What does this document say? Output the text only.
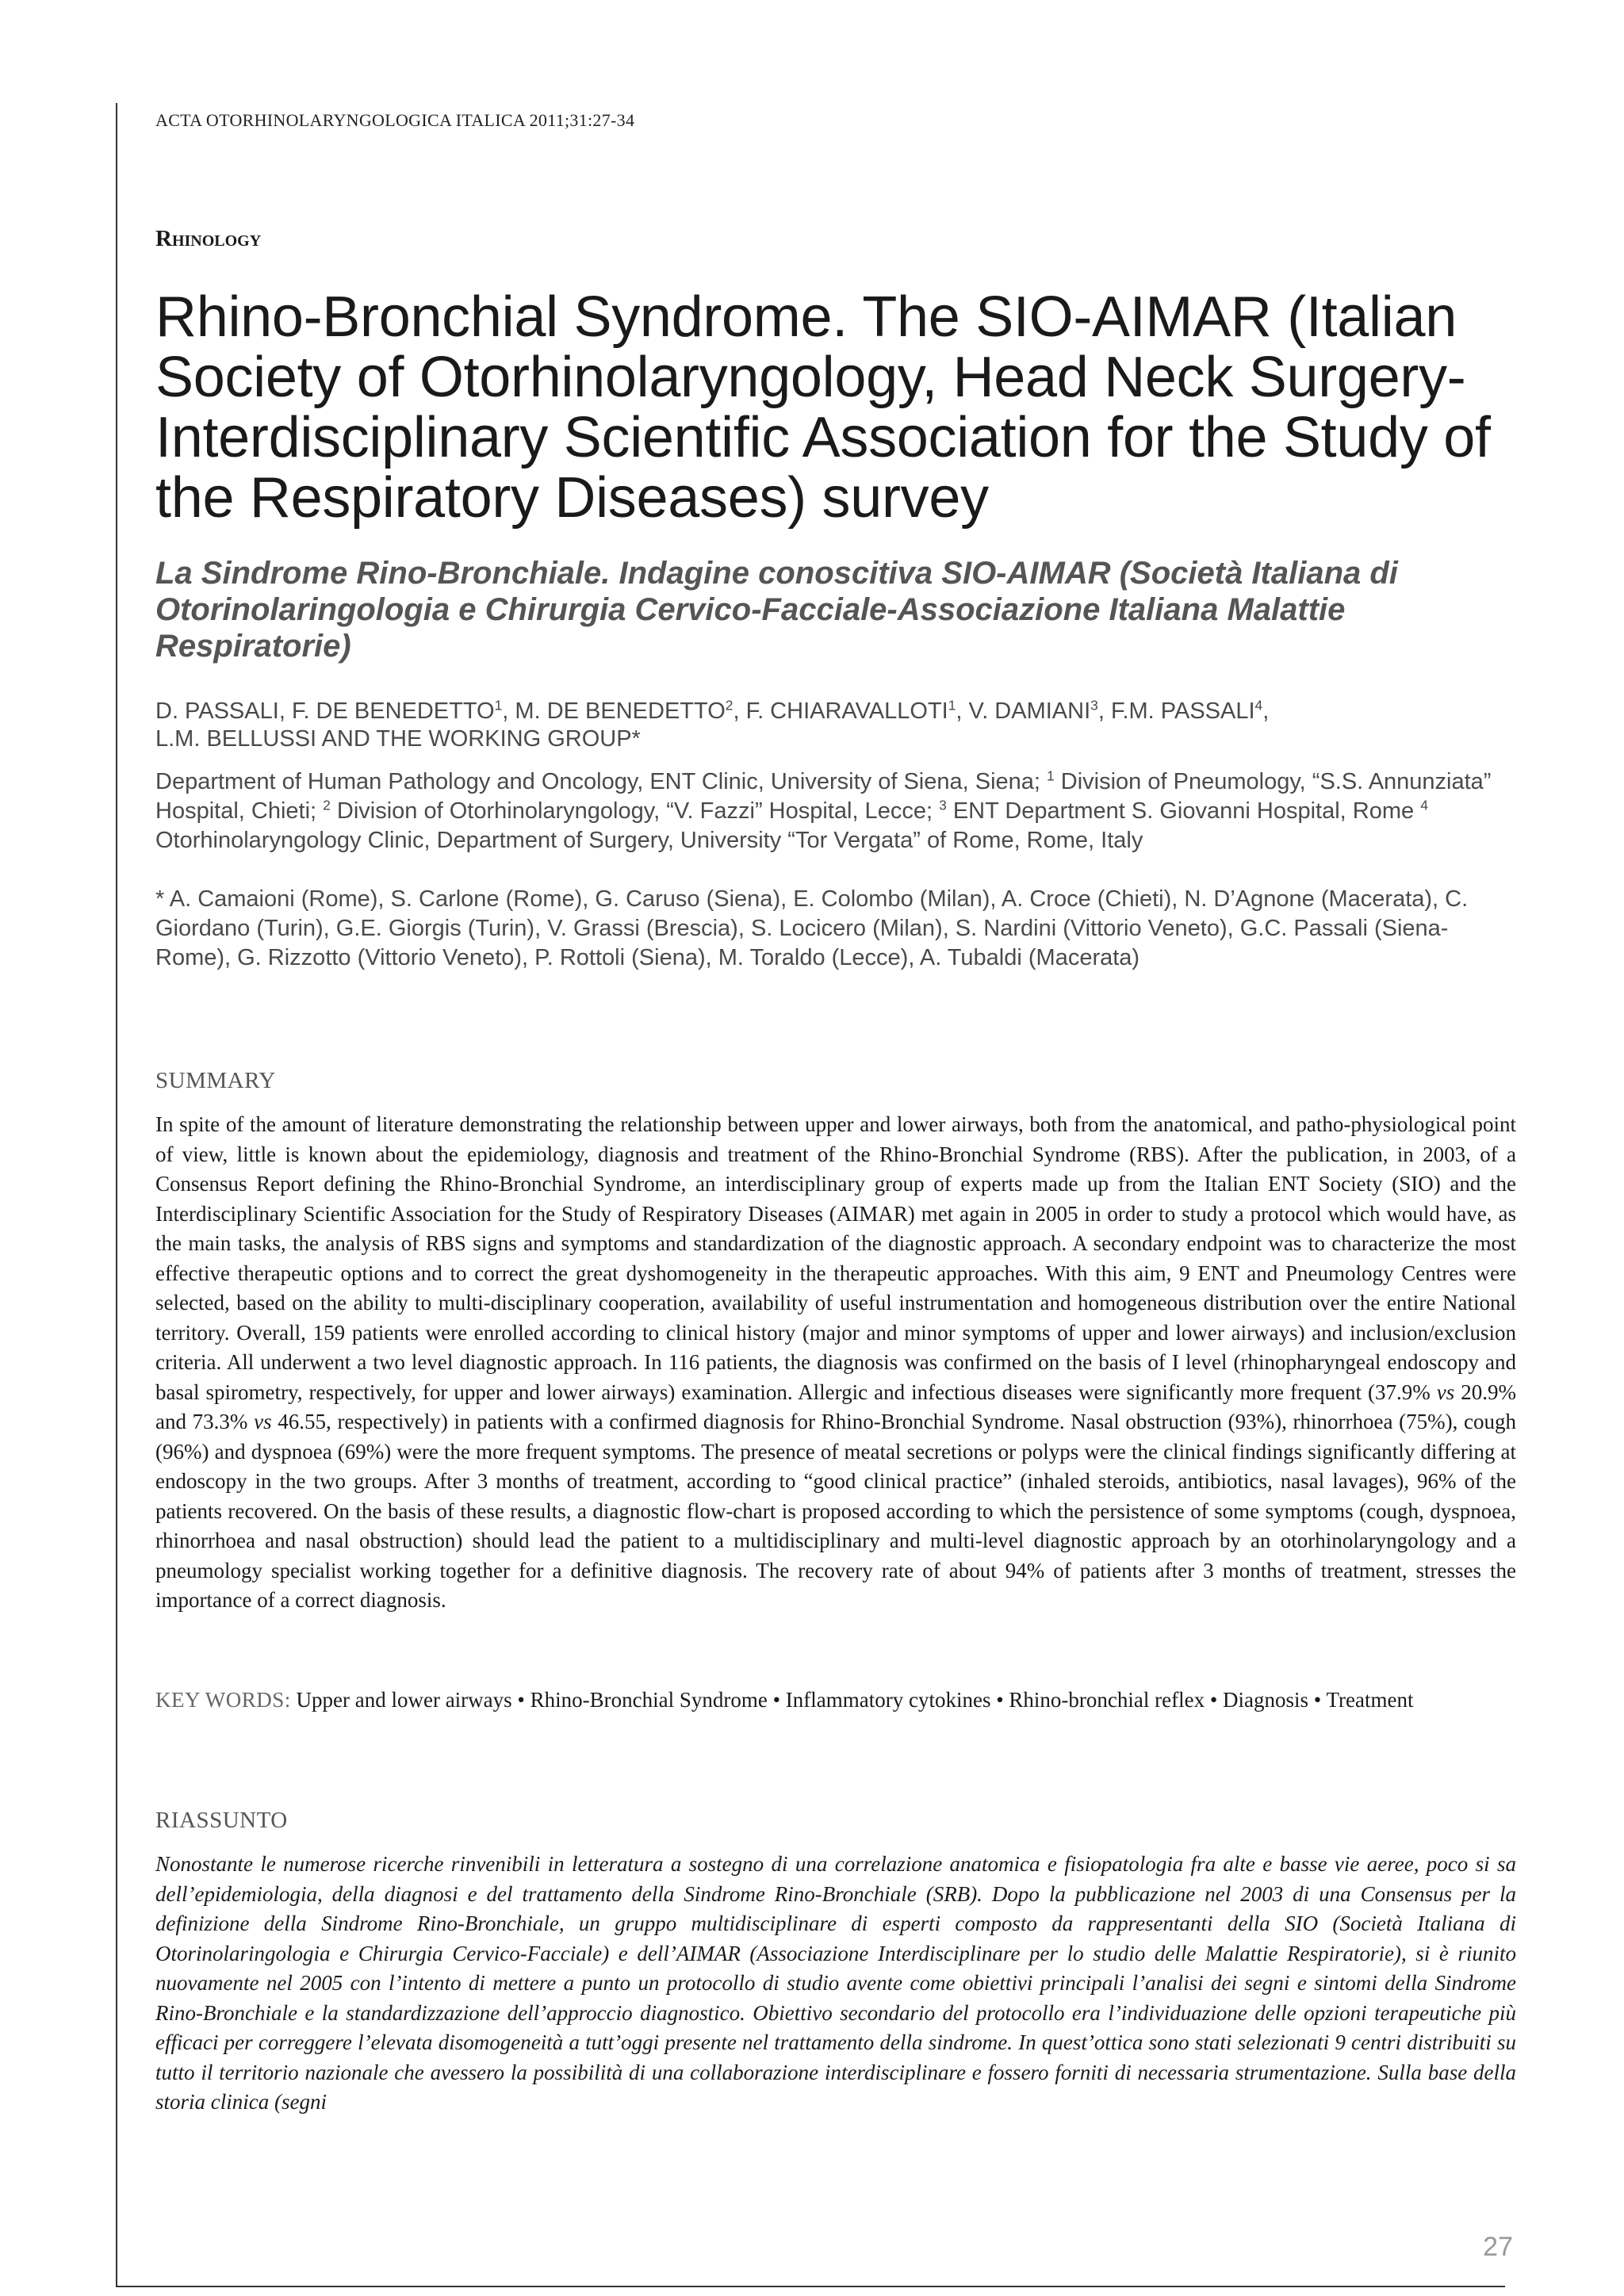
ACTA OTORHINOLARYNGOLOGICA ITALICA 2011;31:27-34
Rhinology
Rhino-Bronchial Syndrome. The SIO-AIMAR (Italian Society of Otorhinolaryngology, Head Neck Surgery-Interdisciplinary Scientific Association for the Study of the Respiratory Diseases) survey
La Sindrome Rino-Bronchiale. Indagine conoscitiva SIO-AIMAR (Società Italiana di Otorinolaringologia e Chirurgia Cervico-Facciale-Associazione Italiana Malattie Respiratorie)
D. PASSALI, F. DE BENEDETTO$^1$, M. DE BENEDETTO$^2$, F. CHIARAVALLOTI$^1$, V. DAMIANI$^3$, F.M. PASSALI$^4$,
L.M. BELLUSSI AND THE WORKING GROUP*
Department of Human Pathology and Oncology, ENT Clinic, University of Siena, Siena; $^1$ Division of Pneumology, “S.S. Annunziata” Hospital, Chieti; $^2$ Division of Otorhinolaryngology, “V. Fazzi” Hospital, Lecce; $^3$ ENT Department S. Giovanni Hospital, Rome $^4$ Otorhinolaryngology Clinic, Department of Surgery, University “Tor Vergata” of Rome, Rome, Italy
* A. Camaioni (Rome), S. Carlone (Rome), G. Caruso (Siena), E. Colombo (Milan), A. Croce (Chieti), N. D’Agnone (Macerata), C. Giordano (Turin), G.E. Giorgis (Turin), V. Grassi (Brescia), S. Locicero (Milan), S. Nardini (Vittorio Veneto), G.C. Passali (Siena-Rome), G. Rizzotto (Vittorio Veneto), P. Rottoli (Siena), M. Toraldo (Lecce), A. Tubaldi (Macerata)
SUMMARY

In spite of the amount of literature demonstrating the relationship between upper and lower airways, both from the anatomical, and patho-physiological point of view, little is known about the epidemiology, diagnosis and treatment of the Rhino-Bronchial Syndrome (RBS). After the publication, in 2003, of a Consensus Report defining the Rhino-Bronchial Syndrome, an interdisciplinary group of experts made up from the Italian ENT Society (SIO) and the Interdisciplinary Scientific Association for the Study of Respiratory Diseases (AIMAR) met again in 2005 in order to study a protocol which would have, as the main tasks, the analysis of RBS signs and symptoms and standardization of the diagnostic approach. A secondary endpoint was to characterize the most effective therapeutic options and to correct the great dyshomogeneity in the therapeutic approaches. With this aim, 9 ENT and Pneumology Centres were selected, based on the ability to multi-disciplinary cooperation, availability of useful instrumentation and homogeneous distribution over the entire National territory. Overall, 159 patients were enrolled according to clinical history (major and minor symptoms of upper and lower airways) and inclusion/exclusion criteria. All underwent a two level diagnostic approach. In 116 patients, the diagnosis was confirmed on the basis of I level (rhinopharyngeal endoscopy and basal spirometry, respectively, for upper and lower airways) examination. Allergic and infectious diseases were significantly more frequent (37.9% vs 20.9% and 73.3% vs 46.55, respectively) in patients with a confirmed diagnosis for Rhino-Bronchial Syndrome. Nasal obstruction (93%), rhinorrhoea (75%), cough (96%) and dyspnoea (69%) were the more frequent symptoms. The presence of meatal secretions or polyps were the clinical findings significantly differing at endoscopy in the two groups. After 3 months of treatment, according to “good clinical practice” (inhaled steroids, antibiotics, nasal lavages), 96% of the patients recovered. On the basis of these results, a diagnostic flow-chart is proposed according to which the persistence of some symptoms (cough, dyspnoea, rhinorrhoea and nasal obstruction) should lead the patient to a multidisciplinary and multi-level diagnostic approach by an otorhinolaryngology and a pneumology specialist working together for a definitive diagnosis. The recovery rate of about 94% of patients after 3 months of treatment, stresses the importance of a correct diagnosis.

KEY WORDS: Upper and lower airways • Rhino-Bronchial Syndrome • Inflammatory cytokines • Rhino-bronchial reflex • Diagnosis • Treatment
RIASSUNTO

Nonostante le numerose ricerche rinvenibili in letteratura a sostegno di una correlazione anatomica e fisiopatologia fra alte e basse vie aeree, poco si sa dell’epidemiologia, della diagnosi e del trattamento della Sindrome Rino-Bronchiale (SRB). Dopo la pubblicazione nel 2003 di una Consensus per la definizione della Sindrome Rino-Bronchiale, un gruppo multidisciplinare di esperti composto da rappresentanti della SIO (Società Italiana di Otorinolaringologia e Chirurgia Cervico-Facciale) e dell’AIMAR (Associazione Interdisciplinare per lo studio delle Malattie Respiratorie), si è riunito nuovamente nel 2005 con l’intento di mettere a punto un protocollo di studio avente come obiettivi principali l’analisi dei segni e sintomi della Sindrome Rino-Bronchiale e la standardizzazione dell’approccio diagnostico. Obiettivo secondario del protocollo era l’individuazione delle opzioni terapeutiche più efficaci per correggere l’elevata disomogeneità a tutt’oggi presente nel trattamento della sindrome. In quest’ottica sono stati selezionati 9 centri distribuiti su tutto il territorio nazionale che avessero la possibilità di una collaborazione interdisciplinare e fossero forniti di necessaria strumentazione. Sulla base della storia clinica (segni

27
